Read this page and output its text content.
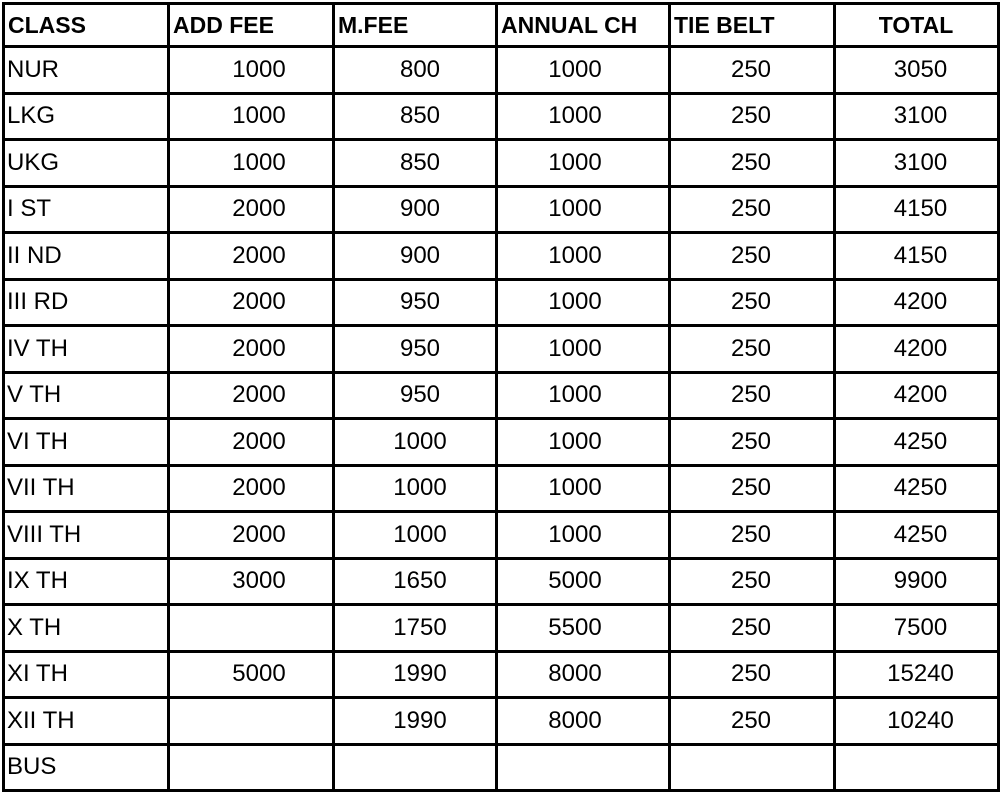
CLASS	ADD FEE	M.FEE	ANNUAL CH	TIE BELT	TOTAL
NUR	1000	800	1000	250	3050
LKG	1000	850	1000	250	3100
UKG	1000	850	1000	250	3100
I ST	2000	900	1000	250	4150
II ND	2000	900	1000	250	4150
III RD	2000	950	1000	250	4200
IV TH	2000	950	1000	250	4200
V TH	2000	950	1000	250	4200
VI TH	2000	1000	1000	250	4250
VII TH	2000	1000	1000	250	4250
VIII TH	2000	1000	1000	250	4250
IX TH	3000	1650	5000	250	9900
X TH		1750	5500	250	7500
XI TH	5000	1990	8000	250	15240
XII TH		1990	8000	250	10240
BUS					
